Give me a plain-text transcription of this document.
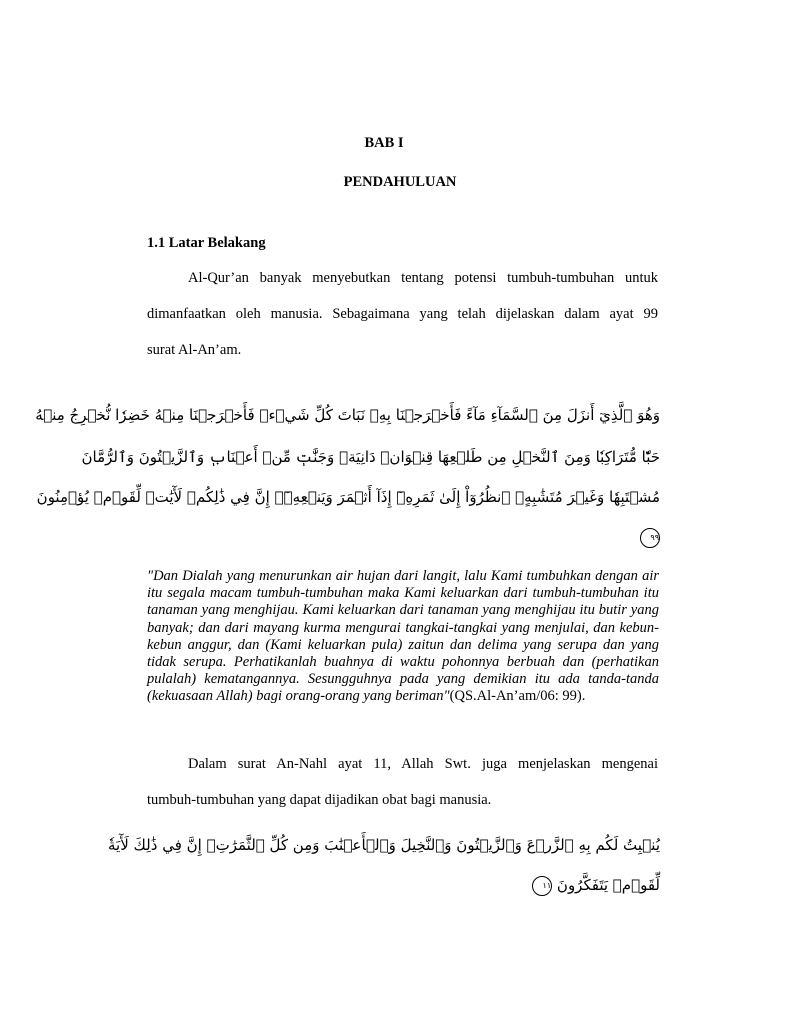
BAB I
PENDAHULUAN
1.1 Latar Belakang
Al-Qur’an banyak menyebutkan tentang potensi tumbuh-tumbuhan untuk
dimanfaatkan oleh manusia. Sebagaimana yang telah dijelaskan dalam ayat 99
surat Al-An’am.
وَهُوَ ٱلَّذِيٓ أَنزَلَ مِنَ ٱلسَّمَآءِ مَآءً فَأَخۡرَجۡنَا بِهِۦ نَبَاتَ كُلِّ شَيۡءٖ فَأَخۡرَجۡنَا مِنۡهُ خَضِرٗا نُّخۡرِجُ مِنۡهُ
حَبّٗا مُّتَرَاكِبٗا وَمِنَ ٱلنَّخۡلِ مِن طَلۡعِهَا قِنۡوَانٞ دَانِيَةٞ وَجَنَّٰتٖ مِّنۡ أَعۡنَابٖ وَٱلزَّيۡتُونَ وَٱلرُّمَّانَ
مُشۡتَبِهٗا وَغَيۡرَ مُتَشَٰبِهٍۗ ٱنظُرُوٓاْ إِلَىٰ ثَمَرِهِۦٓ إِذَآ أَثۡمَرَ وَيَنۡعِهِۦٓۚ إِنَّ فِي ذَٰلِكُمۡ لَأٓيَٰتٖ لِّقَوۡمٖ يُؤۡمِنُونَ
٩٩

"Dan Dialah yang menurunkan air hujan dari langit, lalu Kami tumbuhkan dengan air itu segala macam tumbuh-tumbuhan maka Kami keluarkan dari tumbuh-tumbuhan itu tanaman yang menghijau. Kami keluarkan dari tanaman yang menghijau itu butir yang banyak; dan dari mayang kurma mengurai tangkai-tangkai yang menjulai, dan kebun-kebun anggur, dan (Kami keluarkan pula) zaitun dan delima yang serupa dan yang tidak serupa. Perhatikanlah buahnya di waktu pohonnya berbuah dan (perhatikan pulalah) kematangannya. Sesungguhnya pada yang demikian itu ada tanda-tanda (kekuasaan Allah) bagi orang-orang yang beriman"(QS.Al-An’am/06: 99).

Dalam surat An-Nahl ayat 11, Allah Swt. juga menjelaskan mengenai
tumbuh-tumbuhan yang dapat dijadikan obat bagi manusia.
يُنۢبِتُ لَكُم بِهِ ٱلزَّرۡعَ وَٱلزَّيۡتُونَ وَٱلنَّخِيلَ وَٱلۡأَعۡنَٰبَ وَمِن كُلِّ ٱلثَّمَرَٰتِۚ إِنَّ فِي ذَٰلِكَ لَأٓيَةٗ
لِّقَوۡمٖ يَتَفَكَّرُونَ ١١
